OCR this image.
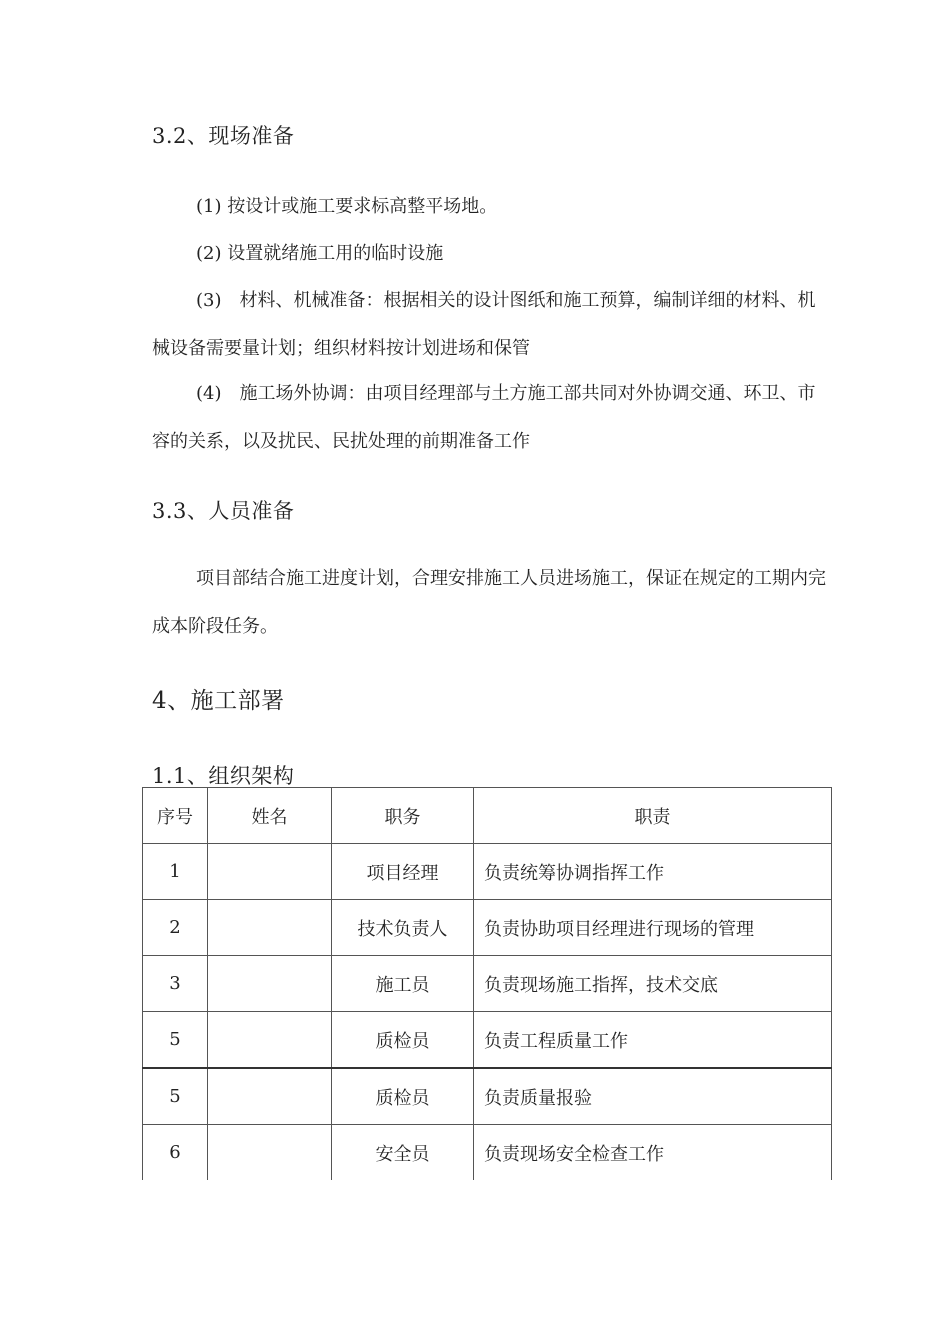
3.2、现场准备
(1) 按设计或施工要求标高整平场地。
(2) 设置就绪施工用的临时设施
(3)　材料、机械准备：根据相关的设计图纸和施工预算，编制详细的材料、机械设备需要量计划；组织材料按计划进场和保管
(4)　施工场外协调：由项目经理部与土方施工部共同对外协调交通、环卫、市容的关系，以及扰民、民扰处理的前期准备工作
3.3、人员准备
项目部结合施工进度计划，合理安排施工人员进场施工，保证在规定的工期内完成本阶段任务。
4、施工部署
1.1、组织架构
序号	姓名	职务	职责
1		项目经理	负责统筹协调指挥工作
2		技术负责人	负责协助项目经理进行现场的管理
3		施工员	负责现场施工指挥，技术交底
5		质检员	负责工程质量工作
5		质检员	负责质量报验
6		安全员	负责现场安全检查工作
